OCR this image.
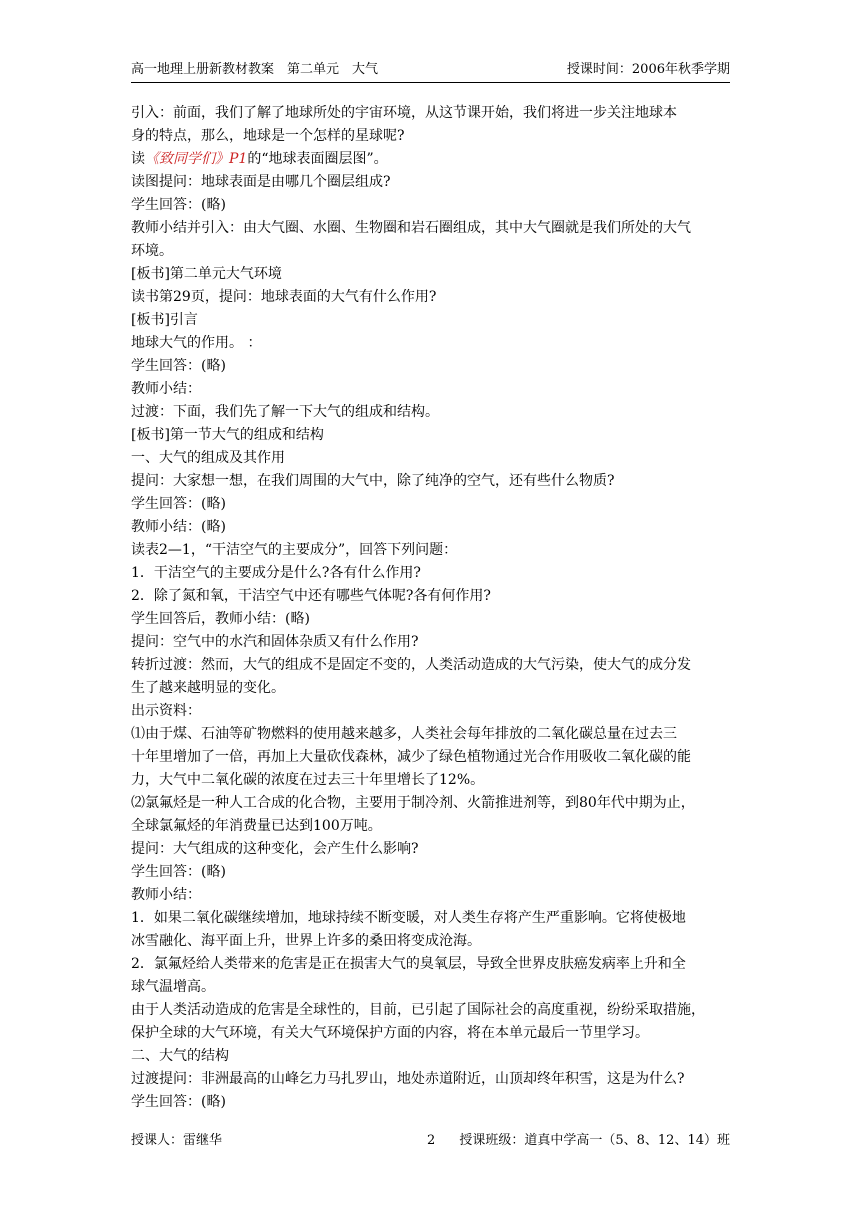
高一地理上册新教材教案　第二单元　大气	授课时间：2006年秋季学期
引入：前面，我们了解了地球所处的宇宙环境，从这节课开始，我们将进一步关注地球本
身的特点，那么，地球是一个怎样的星球呢?
读《致同学们》P1的“地球表面圈层图”。
读图提问：地球表面是由哪几个圈层组成?
学生回答：(略)
教师小结并引入：由大气圈、水圈、生物圈和岩石圈组成，其中大气圈就是我们所处的大气
环境。
[板书]第二单元大气环境
读书第29页，提问：地球表面的大气有什么作用?
[板书]引言
地球大气的作用。 ：
学生回答：(略)
教师小结：
过渡：下面，我们先了解一下大气的组成和结构。
[板书]第一节大气的组成和结构
一、大气的组成及其作用
提问：大家想一想，在我们周围的大气中，除了纯净的空气，还有些什么物质?
学生回答：(略)
教师小结：(略)
读表2—1，“干洁空气的主要成分”，回答下列问题：
1．干洁空气的主要成分是什么?各有什么作用?
2．除了氮和氧，干洁空气中还有哪些气体呢?各有何作用?
学生回答后，教师小结：(略)
提问：空气中的水汽和固体杂质又有什么作用?
转折过渡：然而，大气的组成不是固定不变的，人类活动造成的大气污染，使大气的成分发
生了越来越明显的变化。
出示资料：
⑴由于煤、石油等矿物燃料的使用越来越多，人类社会每年排放的二氧化碳总量在过去三
十年里增加了一倍，再加上大量砍伐森林，减少了绿色植物通过光合作用吸收二氧化碳的能
力，大气中二氧化碳的浓度在过去三十年里增长了12%。
⑵氯氟烃是一种人工合成的化合物，主要用于制冷剂、火箭推进剂等，到80年代中期为止，
全球氯氟烃的年消费量已达到100万吨。
提问：大气组成的这种变化，会产生什么影响?
学生回答：(略)
教师小结：
1．如果二氧化碳继续增加，地球持续不断变暖，对人类生存将产生严重影响。它将使极地
冰雪融化、海平面上升，世界上许多的桑田将变成沧海。
2．氯氟烃给人类带来的危害是正在损害大气的臭氧层，导致全世界皮肤癌发病率上升和全
球气温增高。
由于人类活动造成的危害是全球性的，目前，已引起了国际社会的高度重视，纷纷采取措施，
保护全球的大气环境，有关大气环境保护方面的内容，将在本单元最后一节里学习。
二、大气的结构
过渡提问：非洲最高的山峰乞力马扎罗山，地处赤道附近，山顶却终年积雪，这是为什么?
学生回答：(略)
授课人：雷继华	2 授课班级：道真中学高一（5、8、12、14）班
